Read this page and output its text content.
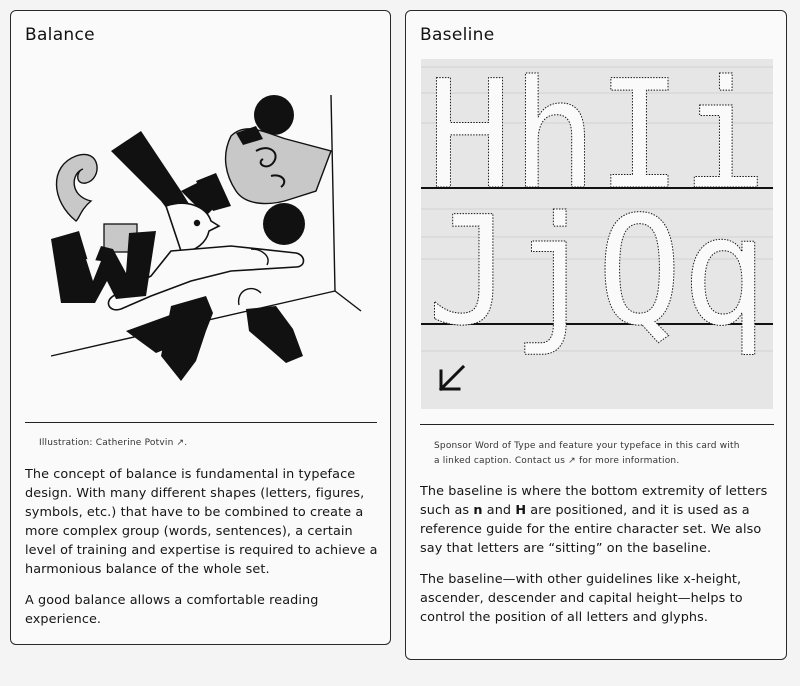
Balance
Illustration: Catherine Potvin ↗.

The concept of balance is fundamental in typeface design. With many different shapes (letters, figures, symbols, etc.) that have to be combined to create a more complex group (words, sentences), a certain level of training and expertise is required to achieve a harmonious balance of the whole set.

A good balance allows a comfortable reading experience.

Baseline
HhIi
JjQq
Sponsor Word of Type and feature your typeface in this card with
a linked caption. Contact us ↗ for more information.

The baseline is where the bottom extremity of letters such as n and H are positioned, and it is used as a reference guide for the entire character set. We also say that letters are “sitting” on the baseline.

The baseline—with other guidelines like x-height, ascender, descender and capital height—helps to control the position of all letters and glyphs.
